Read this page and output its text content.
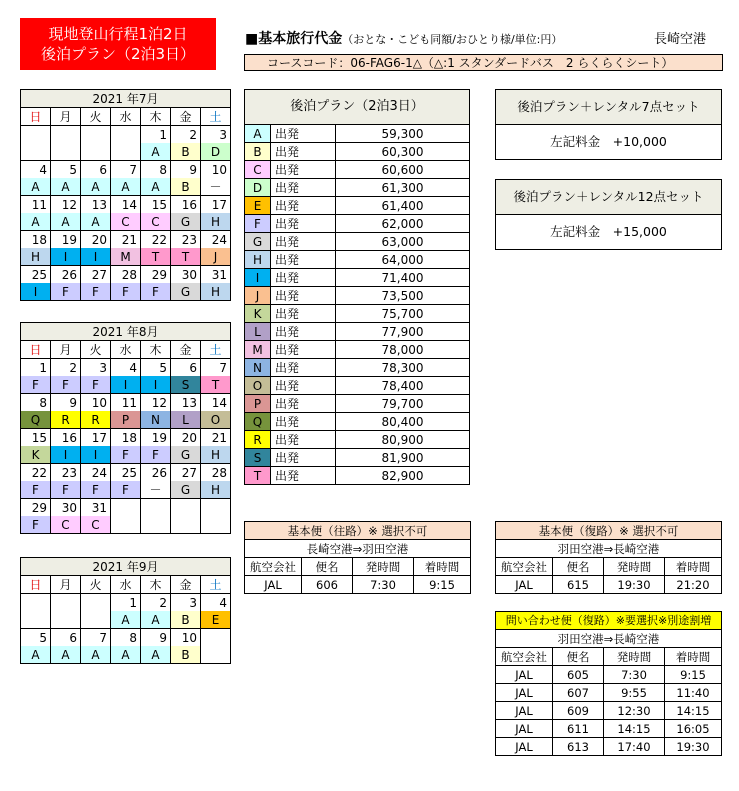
現地登山行程1泊2日
後泊プラン（2泊3日）
■基本旅行代金（おとな・こども同額/おひとり様/単位:円）	長崎空港
コースコード：06-FAG6-1△（△:1 スタンダードバス　2 らくらくシート）
2021 年7月						
日	月	火	水	木	金	土
				1	2	3
				A	B	D
4	5	6	7	8	9	10
A	A	A	A	A	B	－
11	12	13	14	15	16	17
A	A	A	C	C	G	H
18	19	20	21	22	23	24
H	I	I	M	T	T	J
25	26	27	28	29	30	31
I	F	F	F	F	G	H
2021 年8月						
日	月	火	水	木	金	土
1	2	3	4	5	6	7
F	F	F	I	I	S	T
8	9	10	11	12	13	14
Q	R	R	P	N	L	O
15	16	17	18	19	20	21
K	I	I	F	F	G	H
22	23	24	25	26	27	28
F	F	F	F	－	G	H
29	30	31				
F	C	C				
2021 年9月						
日	月	火	水	木	金	土
			1	2	3	4
			A	A	B	E
5	6	7	8	9	10	
A	A	A	A	A	B	
後泊プラン（2泊3日）		
A	出発	59,300
B	出発	60,300
C	出発	60,600
D	出発	61,300
E	出発	61,400
F	出発	62,000
G	出発	63,000
H	出発	64,000
I	出発	71,400
J	出発	73,500
K	出発	75,700
L	出発	77,900
M	出発	78,000
N	出発	78,300
O	出発	78,400
P	出発	79,700
Q	出発	80,400
R	出発	80,900
S	出発	81,900
T	出発	82,900
後泊プラン＋レンタル7点セット
左記料金　+10,000
後泊プラン＋レンタル12点セット
左記料金　+15,000
基本便（往路）※ 選択不可			
長崎空港⇒羽田空港			
航空会社	便名	発時間	着時間
JAL	606	7:30	9:15
基本便（復路）※ 選択不可			
羽田空港⇒長崎空港			
航空会社	便名	発時間	着時間
JAL	615	19:30	21:20
問い合わせ便（復路）※要選択※別途割増			
羽田空港⇒長崎空港			
航空会社	便名	発時間	着時間
JAL	605	7:30	9:15
JAL	607	9:55	11:40
JAL	609	12:30	14:15
JAL	611	14:15	16:05
JAL	613	17:40	19:30
